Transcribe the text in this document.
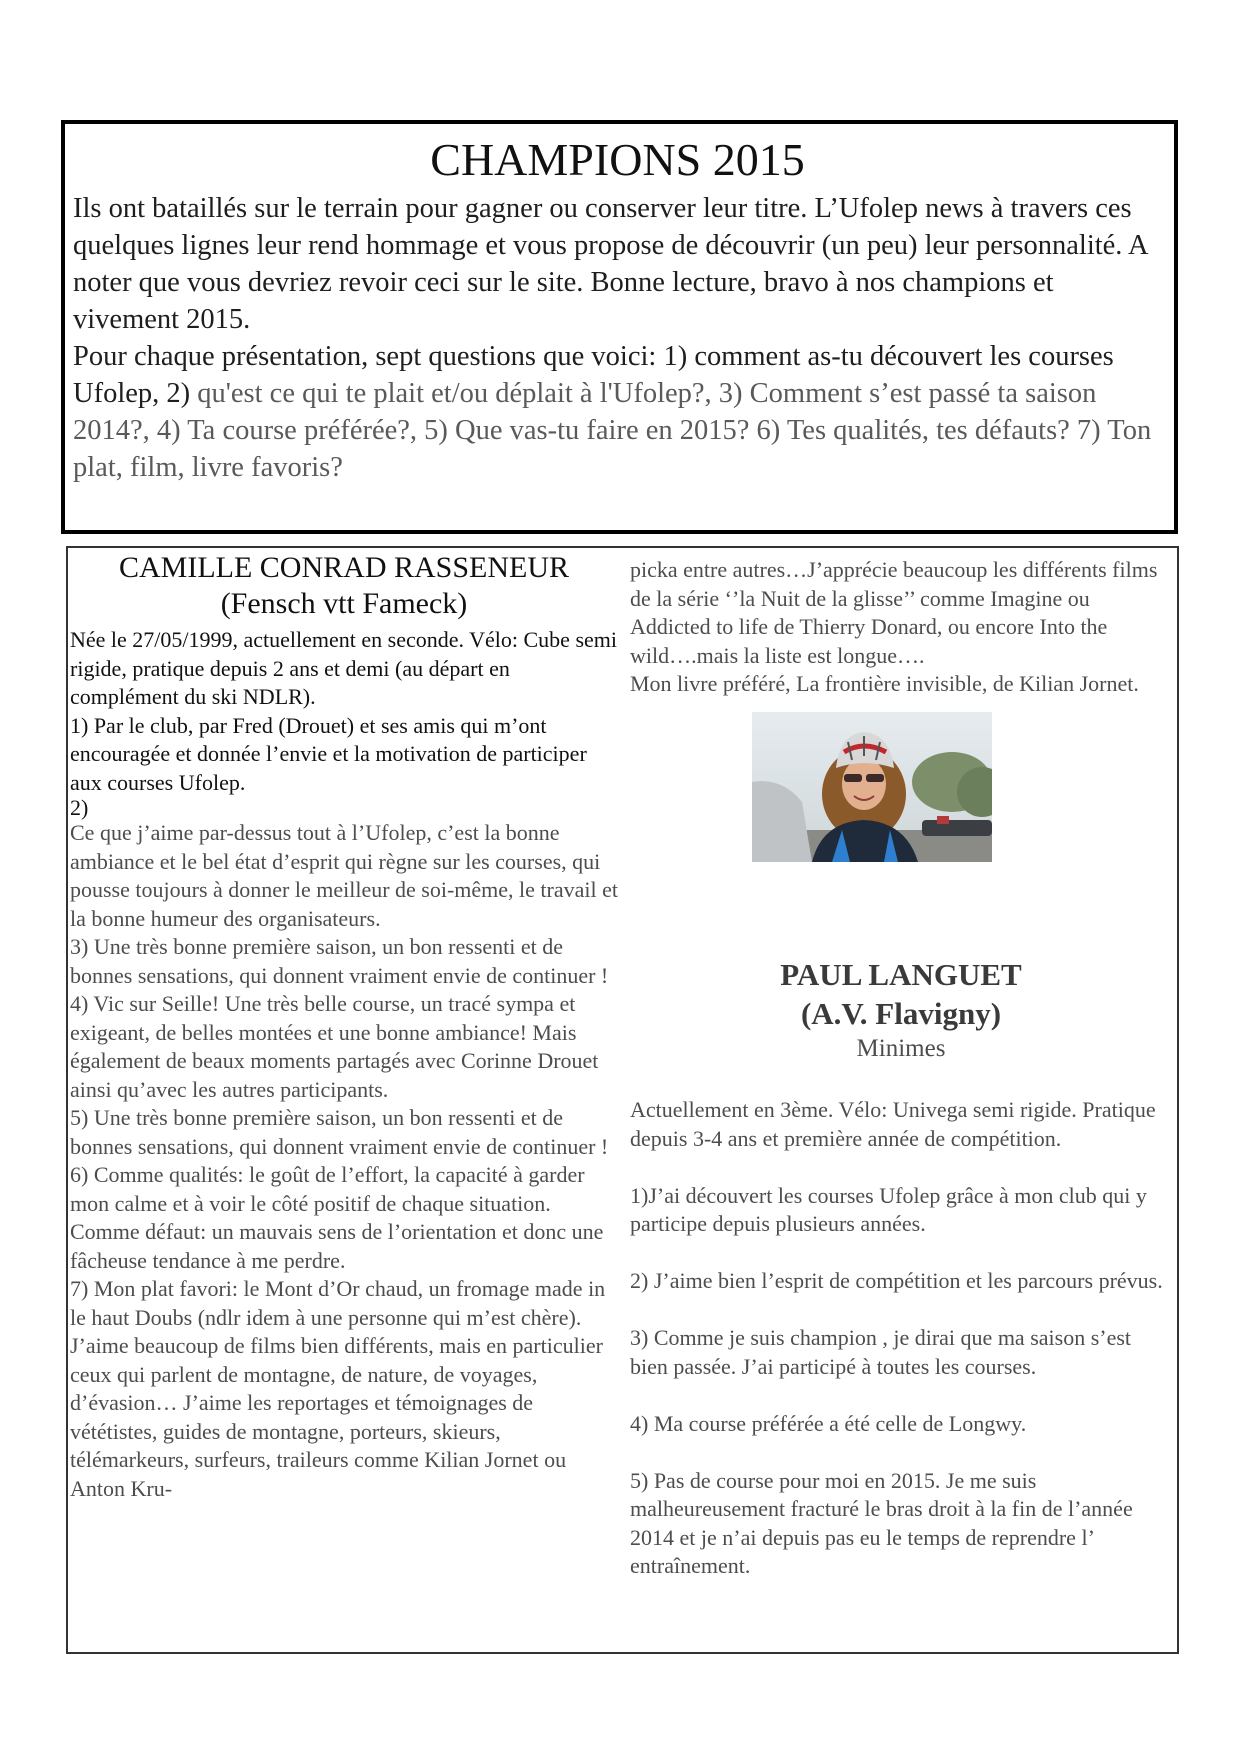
CHAMPIONS 2015
Ils ont bataillés sur le terrain pour gagner ou conserver leur titre. L’Ufolep news à travers ces quelques lignes leur rend hommage et vous propose de découvrir (un peu) leur personnalité. A noter que vous devriez revoir ceci sur le site. Bonne lecture, bravo à nos champions et vivement 2015.
Pour chaque présentation, sept questions que voici: 1) comment as-tu découvert les courses Ufolep, 2) qu'est ce qui te plait et/ou déplait à l'Ufolep?, 3) Comment s’est passé ta saison 2014?, 4) Ta course préférée?, 5) Que vas-tu faire en 2015? 6) Tes qualités, tes défauts? 7) Ton plat, film, livre favoris?
CAMILLE CONRAD RASSENEUR
(Fensch vtt Fameck)

Née le 27/05/1999, actuellement en seconde. Vélo: Cube semi rigide, pratique depuis 2 ans et demi (au départ en complément du ski NDLR).

1) Par le club, par Fred (Drouet) et ses amis qui m’ont encouragée et donnée l’envie et la motivation de participer aux courses Ufolep.

2)

Ce que j’aime par-dessus tout à l’Ufolep, c’est la bonne ambiance et le bel état d’esprit qui règne sur les courses, qui pousse toujours à donner le meilleur de soi-même, le travail et la bonne humeur des organisateurs.

3) Une très bonne première saison, un bon ressenti et de bonnes sensations, qui donnent vraiment envie de continuer !

4) Vic sur Seille! Une très belle course, un tracé sympa et exigeant, de belles montées et une bonne ambiance! Mais également de beaux moments partagés avec Corinne Drouet ainsi qu’avec les autres participants.

5) Une très bonne première saison, un bon ressenti et de bonnes sensations, qui donnent vraiment envie de continuer !

6) Comme qualités: le goût de l’effort, la capacité à garder mon calme et à voir le côté positif de chaque situation. Comme défaut: un mauvais sens de l’orientation et donc une fâcheuse tendance à me perdre.

7) Mon plat favori: le Mont d’Or chaud, un fromage made in le haut Doubs (ndlr idem à une personne qui m’est chère). J’aime beaucoup de films bien différents, mais en particulier ceux qui parlent de montagne, de nature, de voyages, d’évasion… J’aime les reportages et témoignages de vététistes, guides de montagne, porteurs, skieurs, télémarkeurs, surfeurs, traileurs comme Kilian Jornet ou Anton Kru-

picka entre autres…J’apprécie beaucoup les différents films de la série ‘’la Nuit de la glisse’’ comme Imagine ou Addicted to life de Thierry Donard, ou encore Into the wild….mais la liste est longue….

Mon livre préféré, La frontière invisible, de Kilian Jornet.

PAUL LANGUET
(A.V. Flavigny)
Minimes

Actuellement en 3ème. Vélo: Univega semi rigide. Pratique depuis 3-4 ans et première année de compétition.

1)J’ai découvert les courses Ufolep grâce à mon club qui y participe depuis plusieurs années.

2) J’aime bien l’esprit de compétition et les parcours prévus.

3) Comme je suis champion , je dirai que ma saison s’est bien passée. J’ai participé à toutes les courses.

4) Ma course préférée a été celle de Longwy.

5) Pas de course pour moi en 2015. Je me suis malheureusement fracturé le bras droit à la fin de l’année 2014 et je n’ai depuis pas eu le temps de reprendre l’ entraînement.
